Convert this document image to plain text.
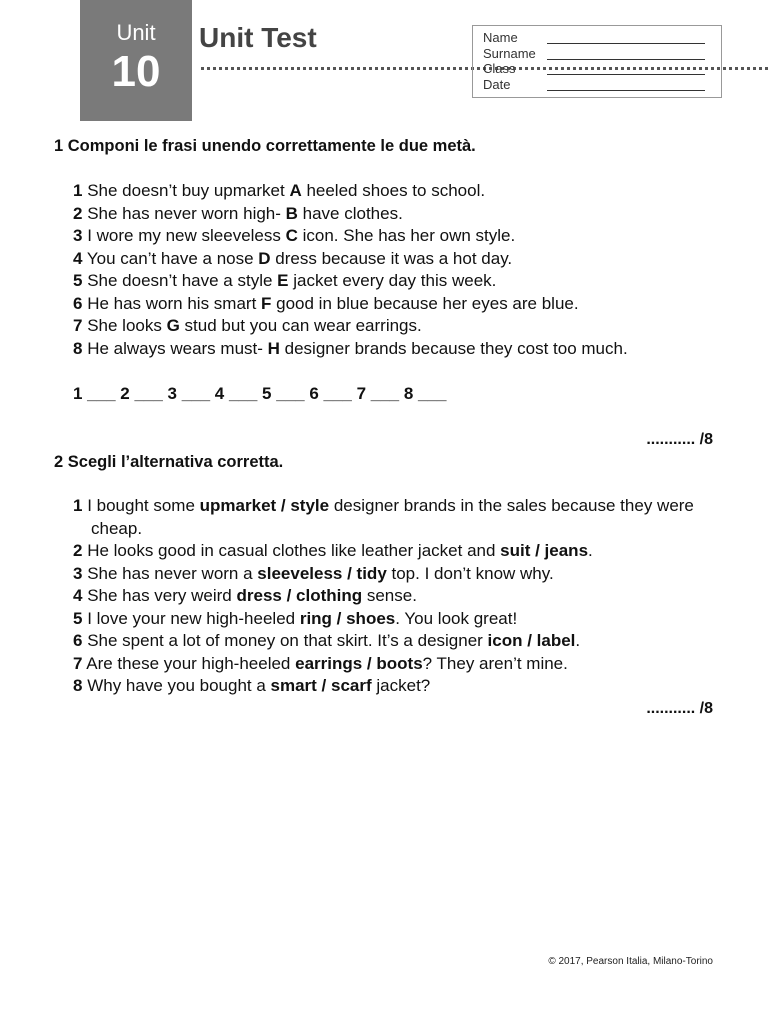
Unit
10
Unit Test	Name
Surname
Class
Date
1 Componi le frasi unendo correttamente le due metà.
1 She doesn’t buy upmarket A heeled shoes to school.
2 She has never worn high- B have clothes.
3 I wore my new sleeveless C icon. She has her own style.
4 You can’t have a nose D dress because it was a hot day.
5 She doesn’t have a style E jacket every day this week.
6 He has worn his smart F good in blue because her eyes are blue.
7 She looks G stud but you can wear earrings.
8 He always wears must- H designer brands because they cost too much.
1 ___ 2 ___ 3 ___ 4 ___ 5 ___ 6 ___ 7 ___ 8 ___
........... /8
2 Scegli l’alternativa corretta.
1 I bought some upmarket / style designer brands in the sales because they were cheap.
2 He looks good in casual clothes like leather jacket and suit / jeans.
3 She has never worn a sleeveless / tidy top. I don’t know why.
4 She has very weird dress / clothing sense.
5 I love your new high-heeled ring / shoes. You look great!
6 She spent a lot of money on that skirt. It’s a designer icon / label.
7 Are these your high-heeled earrings / boots? They aren’t mine.
8 Why have you bought a smart / scarf jacket?
........... /8
© 2017, Pearson Italia, Milano-Torino
